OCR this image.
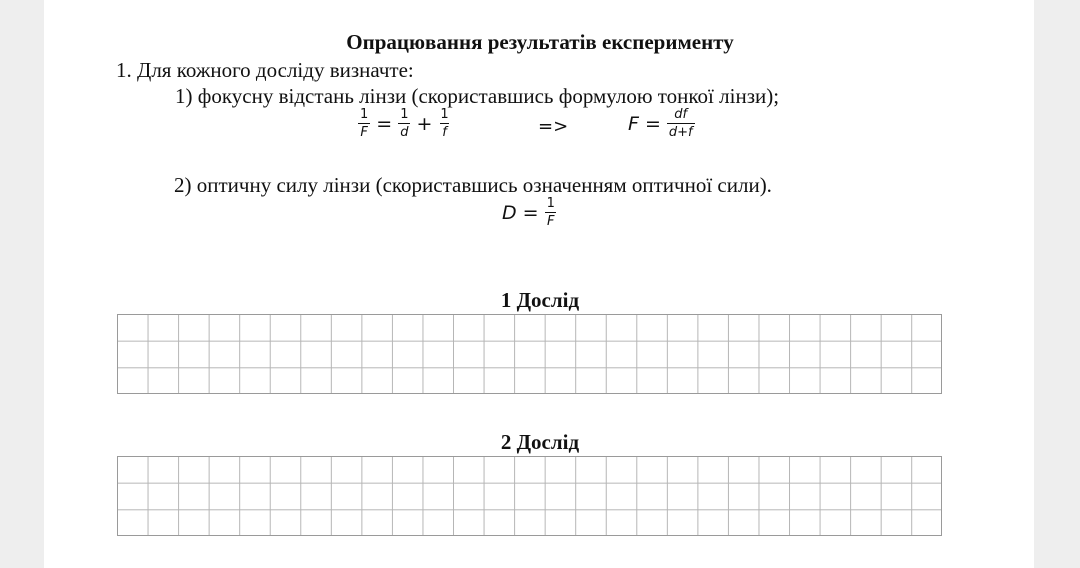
Опрацювання результатів експерименту
1. Для кожного досліду визначте:
1) фокусну відстань лінзи (скориставшись формулою тонкої лінзи);
$\frac{1}{F} = \frac{1}{d} + \frac{1}{f}$	=>	$F = \frac{df}{d+f}$
2) оптичну силу лінзи (скориставшись означенням оптичної сили).
$D = \frac{1}{F}$
1 Дослід
2 Дослід
